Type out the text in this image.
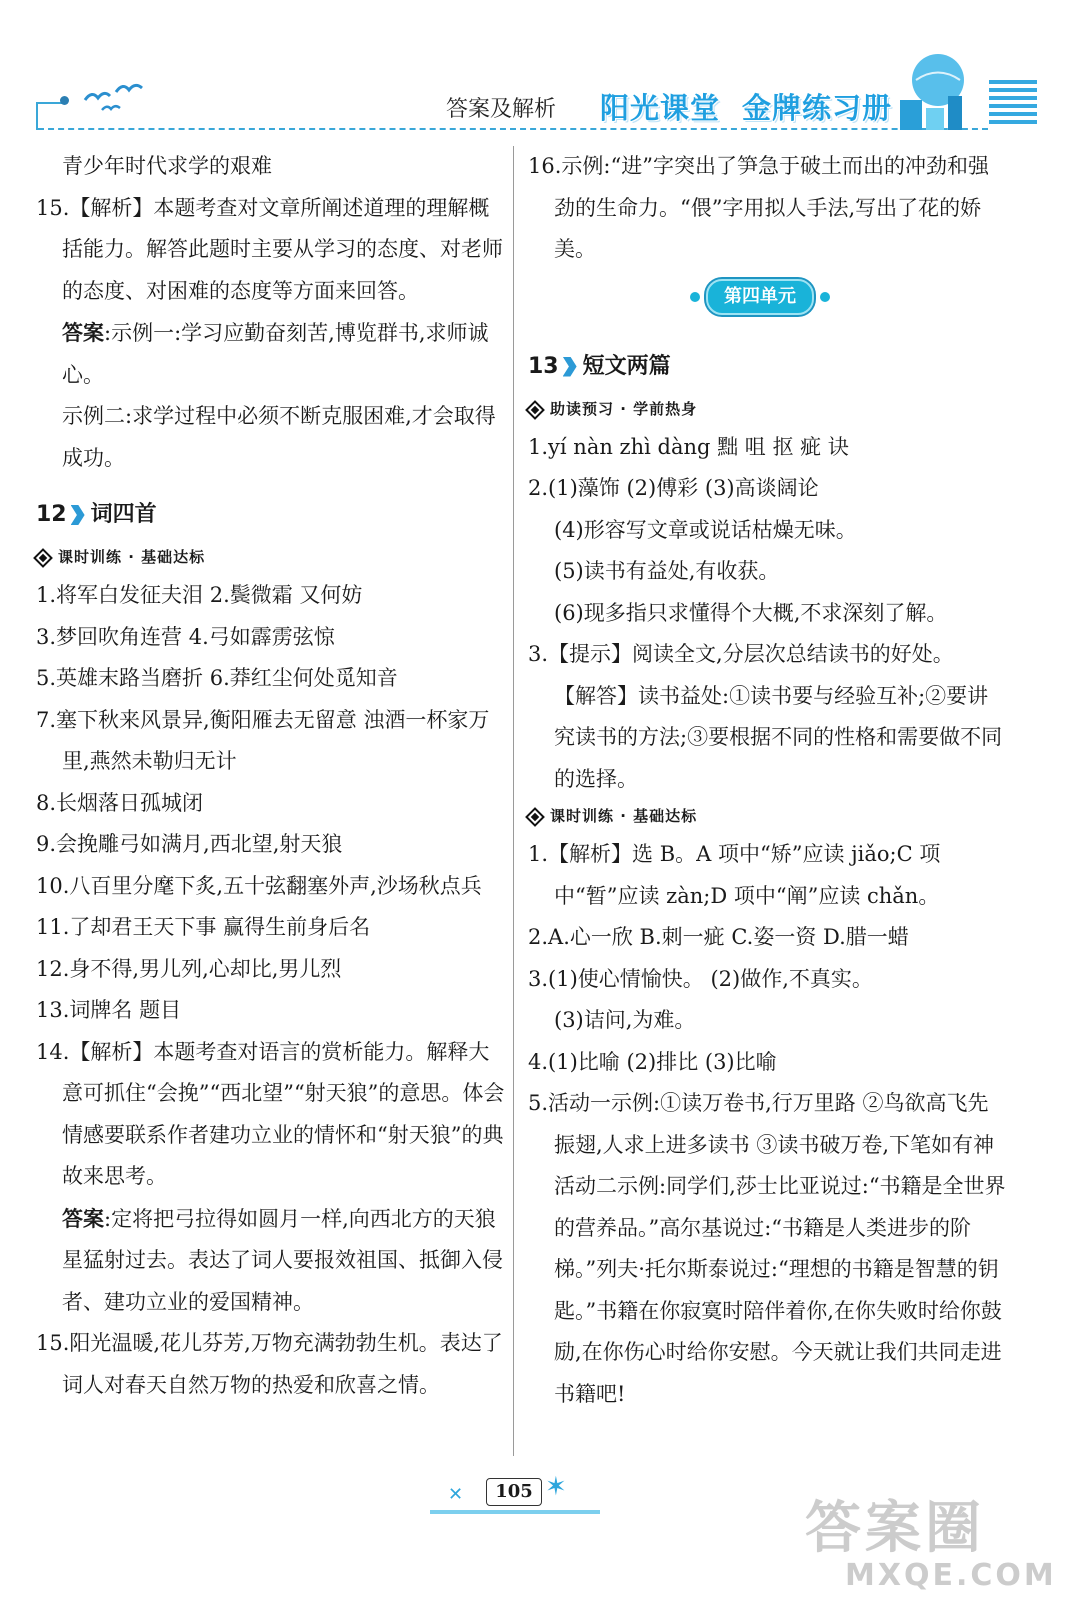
答案及解析 阳光课堂 金牌练习册

青少年时代求学的艰难

15.【解析】本题考查对文章所阐述道理的理解概括能力。解答此题时主要从学习的态度、对老师的态度、对困难的态度等方面来回答。

答案:示例一:学习应勤奋刻苦,博览群书,求师诚心。

示例二:求学过程中必须不断克服困难,才会取得成功。

12 词四首
课时训练 · 基础达标

1.将军白发征夫泪 2.鬓微霜 又何妨

3.梦回吹角连营 4.弓如霹雳弦惊

5.英雄末路当磨折 6.莽红尘何处觅知音

7.塞下秋来风景异,衡阳雁去无留意 浊酒一杯家万里,燕然未勒归无计

8.长烟落日孤城闭

9.会挽雕弓如满月,西北望,射天狼

10.八百里分麾下炙,五十弦翻塞外声,沙场秋点兵

11.了却君王天下事 赢得生前身后名

12.身不得,男儿列,心却比,男儿烈

13.词牌名 题目

14.【解析】本题考查对语言的赏析能力。解释大意可抓住“会挽”“西北望”“射天狼”的意思。体会情感要联系作者建功立业的情怀和“射天狼”的典故来思考。

答案:定将把弓拉得如圆月一样,向西北方的天狼星猛射过去。表达了词人要报效祖国、抵御入侵者、建功立业的爱国精神。

15.阳光温暖,花儿芬芳,万物充满勃勃生机。表达了词人对春天自然万物的热爱和欣喜之情。

16.示例:“进”字突出了笋急于破土而出的冲劲和强劲的生命力。“偎”字用拟人手法,写出了花的娇美。

第四单元
13 短文两篇
助读预习 · 学前热身

1.yí nàn zhì dàng 黜 咀 抠 疵 诀

2.(1)藻饰 (2)傅彩 (3)高谈阔论

(4)形容写文章或说话枯燥无味。

(5)读书有益处,有收获。

(6)现多指只求懂得个大概,不求深刻了解。

3.【提示】阅读全文,分层次总结读书的好处。

【解答】读书益处:①读书要与经验互补;②要讲究读书的方法;③要根据不同的性格和需要做不同的选择。

课时训练 · 基础达标

1.【解析】选 B。A 项中“矫”应读 jiǎo;C 项中“暂”应读 zàn;D 项中“阐”应读 chǎn。

2.A.心一欣 B.刺一疵 C.姿一资 D.腊一蜡

3.(1)使心情愉快。 (2)做作,不真实。

(3)诘问,为难。

4.(1)比喻 (2)排比 (3)比喻

5.活动一示例:①读万卷书,行万里路 ②鸟欲高飞先振翅,人求上进多读书 ③读书破万卷,下笔如有神

活动二示例:同学们,莎士比亚说过:“书籍是全世界的营养品。”高尔基说过:“书籍是人类进步的阶梯。”列夫·托尔斯泰说过:“理想的书籍是智慧的钥匙。”书籍在你寂寞时陪伴着你,在你失败时给你鼓励,在你伤心时给你安慰。今天就让我们共同走进书籍吧!

✕	105 ✶
答案圈
MXQE.COM
